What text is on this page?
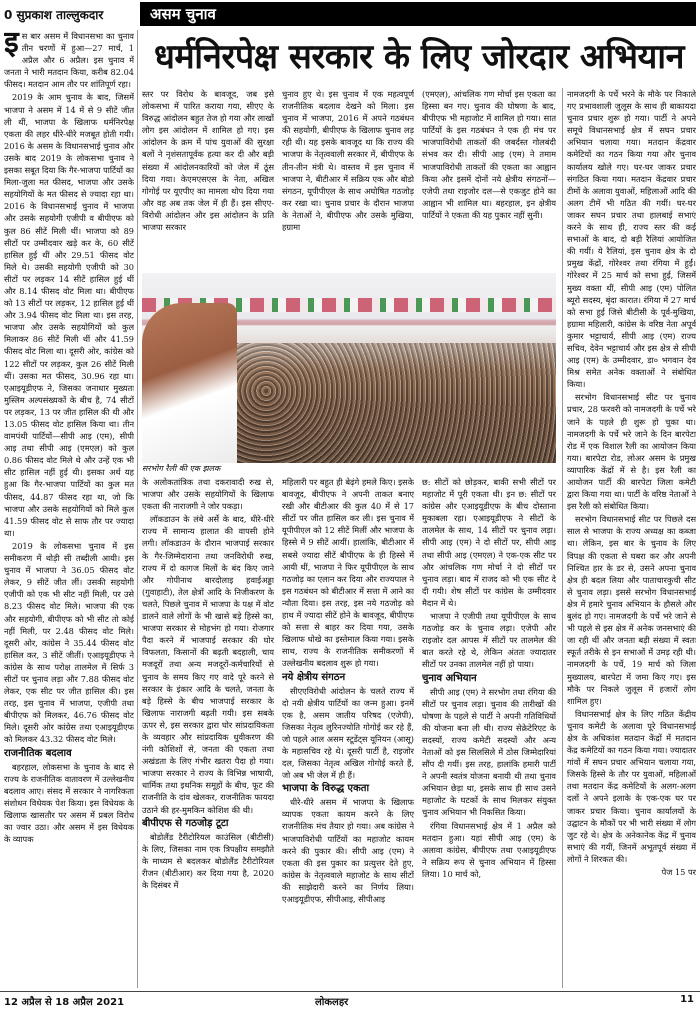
0 सुप्रकाश ताल्लुकदार	असम चुनाव
धर्मनिरपेक्ष सरकार के लिए जोरदार अभियान

इस बार असम में विधानसभा का चुनाव तीन चरणों में हुआ—27 मार्च, 1 अप्रैल और 6 अप्रैल। इस चुनाव में जनता ने भारी मतदान किया, करीब 82.04 फीसद। मतदान आम तौर पर शांतिपूर्ण रहा।

2019 के आम चुनाव के बाद, जिसमें भाजपा ने असम में 14 में से 9 सीटें जीत ली थीं, भाजपा के खिलाफ धर्मनिरपेक्ष एकता की लहर धीरे-धीरे मजबूत होती गयी। 2016 के असम के विधानसभाई चुनाव और उसके बाद 2019 के लोकसभा चुनाव ने इसका सबूत दिया कि गैर-भाजपा पार्टियों का मिला-जुला मत फीसद, भाजपा और उसके सहयोगियों के मत फीसद से ज्यादा रहा था। 2016 के विधानसभाई चुनाव में भाजपा और उसके सहयोगी एजीपी व बीपीएफ को कुल 86 सीटें मिली थीं। भाजपा को 89 सीटों पर उम्मीदवार खड़े कर के, 60 सीटें हासिल हुई थीं और 29.51 फीसद वोट मिले थे। उसकी सहयोगी एजीपी को 30 सीटों पर लड़कर 14 सीटें हासिल हुई थीं और 8.14 फीसद वोट मिला था। बीपीएफ को 13 सीटों पर लड़कर, 12 हासिल हुई थीं और 3.94 फीसद वोट मिला था। इस तरह, भाजपा और उसके सहयोगियों को कुल मिलाकर 86 सीटें मिली थीं और 41.59 फीसद वोट मिला था। दूसरी ओर, कांग्रेस को 122 सीटों पर लड़कर, कुल 26 सीटें मिली थीं। उसका मत फीसद, 30.96 रहा था। एआइयूडीएफ ने, जिसका जनाधार मुख्यतः मुस्लिम अल्पसंख्यकों के बीच है, 74 सीटों पर लड़कर, 13 पर जीत हासिल की थी और 13.05 फीसद वोट हासिल किया था। तीन वामपंथी पार्टियों—सीपी आइ (एम), सीपी आइ तथा सीपी आइ (एमएल) को कुल 0.86 फीसद वोट मिले थे और उन्हें एक भी सीट हासिल नहीं हुई थी। इसका अर्थ यह हुआ कि गैर-भाजपा पार्टियों का कुल मत फीसद, 44.87 फीसद रहा था, जो कि भाजपा और उसके सहयोगियों को मिले कुल 41.59 फीसद वोट से साफ तौर पर ज्यादा था।

2019 के लोकसभा चुनाव में इस समीकरण में थोड़ी सी तब्दीली आयी। इस चुनाव में भाजपा ने 36.05 फीसद वोट लेकर, 9 सीटें जीत लीं। उसकी सहयोगी एजीपी को एक भी सीट नहीं मिली, पर उसे 8.23 फीसद वोट मिले। भाजपा की एक और सहयोगी, बीपीएफ को भी सीट तो कोई नहीं मिली, पर 2.48 फीसद वोट मिले। दूसरी ओर, कांग्रेस ने 35.44 फीसद वोट हासिल कर, 3 सीटें जीतीं। एआइयूडीएफ ने कांग्रेस के साथ परोक्ष तालमेल में सिर्फ 3 सीटों पर चुनाव लड़ा और 7.88 फीसद वोट लेकर, एक सीट पर जीत हासिल की। इस तरह, इस चुनाव में भाजपा, एजीपी तथा बीपीएफ को मिलकर, 46.76 फीसद वोट मिले। दूसरी ओर कांग्रेस तथा एआइयूडीएफ को मिलकर 43.32 फीसद वोट मिले।

राजनीतिक बदलाव

बहरहाल, लोकसभा के चुनाव के बाद से राज्य के राजनीतिक वातावरण में उल्लेखनीय बदलाव आए। संसद में सरकार ने नागरिकता संशोधन विधेयक पेश किया। इस विधेयक के खिलाफ खासतौर पर असम में प्रबल विरोध का ज्वार उठा। और असम में इस विधेयक के व्यापक

स्तर पर विरोध के बावजूद, जब इसे लोकसभा में पारित कराया गया, सीएए के विरुद्ध आंदोलन बहुत तेज हो गया और लाखों लोग इस आंदोलन में शामिल हो गए। इस आंदोलन के क्रम में पांच युवाओं की सुरक्षा बलों ने नृशंसतापूर्वक हत्या कर दी और बड़ी संख्या में आंदोलनकारियों को जेल में ठूंस दिया गया। केएमएसएस के नेता, अखिल गोगोई पर यूएपीए का मामला थोप दिया गया और वह अब तक जेल में ही हैं। इस सीएए-विरोधी आंदोलन और इस आंदोलन के प्रति भाजपा सरकार

चुनाव हुए थे। इस चुनाव में एक महत्वपूर्ण राजनीतिक बदलाव देखने को मिला। इस चुनाव में भाजपा, 2016 में अपने गठबंधन की सहयोगी, बीपीएफ के खिलाफ चुनाव लड़ रही थी। यह इसके बावजूद था कि राज्य की भाजपा के नेतृत्ववाली सरकार में, बीपीएफ के तीन-तीन मंत्री थे। वास्तव में इस चुनाव में भाजपा ने, बीटीआर में सक्रिय एक और बोडो संगठन, यूपीपीएल के साथ अघोषित गठजोड़ कर रखा था। चुनाव प्रचार के दौरान भाजपा के नेताओं ने, बीपीएफ और उसके मुखिया, हग्रामा

(एमएल), आंचलिक गण मोर्चा इस एकता का हिस्सा बन गए। चुनाव की घोषणा के बाद, बीपीएफ भी महाजोट में शामिल हो गया। सात पार्टियों के इस गठबंधन ने एक ही मंच पर भाजपाविरोधी ताकतों की जबर्दस्त गोलबंदी संभव कर दी। सीपी आइ (एम) ने तमाम भाजपाविरोधी ताकतों की एकता का आह्वान किया और इसमें दोनों नये क्षेत्रीय संगठनों—एजेपी तथा राइजोर दल—से एकजुट होने का आह्वान भी शामिल था। बहरहाल, इन क्षेत्रीय पार्टियों ने एकता की यह पुकार नहीं सुनी।

सरभोग रैली की एक झलक

के अलोकतांत्रिक तथा दकरावादी रुख से, भाजपा और उसके सहयोगियों के खिलाफ एकता की नाराजगी ने जोर पकड़ा।

लॉकडाउन के लंबे अर्से के बाद, धीरे-धीरे राज्य में सामान्य हालात की वापसी होने लगी। लॉकडाउन के दौरान भाजपाई सरकार के गैर-जिम्मेदाराना तथा जनविरोधी रुख, राज्य में दो कागज मिलों के बंद किए जाने और गोपीनाथ बारदोलाइ हवाईअड्डा (गुवाहाटी), तेल क्षेत्रों आदि के निजीकरण के चलते, पिछले चुनाव में भाजपा के पक्ष में वोट डालने वाले लोगों के भी खासे बड़े हिस्से का, भाजपा सरकार से मोहभंग हो गया। रोजगार पैदा करने में भाजपाई सरकार की घोर विफलता, किसानों की बढ़ती बदहाली, चाय मजदूरों तथा अन्य मजदूरों-कर्मचारियों से चुनाव के समय किए गए वादे पूरे करने से सरकार के इंकार आदि के चलते, जनता के बड़े हिस्से के बीच भाजपाई सरकार के खिलाफ नाराजगी बढ़ती गयी। इस सबके ऊपर से, इस सरकार द्वारा घोर सांप्रदायिकता के व्यवहार और सांप्रदायिक धुवीकरण की नंगी कोशिशों से, जनता की एकता तथा अखंडता के लिए गंभीर खतरा पैदा हो गया। भाजपा सरकार ने राज्य के विभिन्न भाषायी, धार्मिक तथा इथनिक समूहों के बीच, फूट की राजनीति के दांव खेलकर, राजनीतिक फायदा उठाने की हर-मुमकिन कोशिश की थी।

बीपीएफ से गठजोड़ टूटा

बोडोलैंड टैरीटोरियल काउंसिल (बीटीसी) के लिए, जिसका नाम एक त्रिपक्षीय समझौते के माध्यम से बदलकर बोडोलैंड टैरीटोरियल रीजन (बीटीआर) कर दिया गया है, 2020 के दिसंबर में

महिलारी पर बहुत ही बेढ़ंगे हमले किए। इसके बावजूद, बीपीएफ ने अपनी ताकत बनाए रखी और बीटीआर की कुल 40 में से 17 सीटों पर जीत हासिल कर ली। इस चुनाव में यूपीपीएल को 12 सीटें मिलीं और भाजपा के हिस्से में 9 सीटें आयीं। हालांकि, बीटीआर में सबसे ज्यादा सीटें बीपीएफ के ही हिस्से में आयी थीं, भाजपा ने फिर यूपीपीएल के साथ गठजोड़ का एलान कर दिया और राज्यपाल ने इस गठबंधन को बीटीआर में सत्ता में आने का न्यौता दिया। इस तरह, इस नये गठजोड़ को हाथ में ज्यादा सीटें होने के बावजूद, बीपीएफ को सत्ता से बाहर कर दिया गया, उसके खिलाफ धोखे का इस्तेमाल किया गया। इसके साथ, राज्य के राजनीतिक समीकरणों में उल्लेखनीय बदलाव शुरू हो गया।

नये क्षेत्रीय संगठन

सीएएविरोधी आंदोलन के चलते राज्य में दो नयी क्षेत्रीय पार्टियों का जन्म हुआ। इनमें एक है, असम जातीय परिषद (एजेपी), जिसका नेतृत्व लुरिनज्योति गोगोई कर रहे हैं, जो पहले आल असम स्टूडेंट्स यूनियन (आसू) के महासचिव रहे थे। दूसरी पार्टी है, राइजोर दल, जिसका नेतृत्व अखिल गोगोई करते हैं, जो अब भी जेल में ही हैं।

भाजपा के विरुद्ध एकता

धीरे-धीरे असम में भाजपा के खिलाफ व्यापक एकता कायम करने के लिए राजनीतिक मंच तैयार हो गया। अब कांग्रेस ने भाजपाविरोधी पार्टियों का महाजोट कायम करने की पुकार की। सीपी आइ (एम) ने एकता की इस पुकार का प्रत्युत्तर देते हुए, कांग्रेस के नेतृत्ववाले महाजोट के साथ सीटों की साझेदारी करने का निर्णय लिया। एआइयूडीएफ, सीपीआइ, सीपीआइ

छ: सीटों को छोड़कर, बाकी सभी सीटों पर महाजोट में पूरी एकता थी। इन छ: सीटों पर कांग्रेस और एआइयूडीएफ के बीच दोस्ताना मुकाबला रहा। एआइयूडीएफ ने सीटों के तालमेल के साथ, 14 सीटों पर चुनाव लड़ा। सीपी आइ (एम) ने दो सीटों पर, सीपी आइ तथा सीपी आइ (एमएल) ने एक-एक सीट पर और आंचलिक गण मोर्चा ने दो सीटों पर चुनाव लड़ा। बाद में राजद को भी एक सीट दे दी गयी। शेष सीटों पर कांग्रेस के उम्मीदवार मैदान में थे।

भाजपा ने एजीपी तथा यूपीपीएल के साथ गठजोड़ कर के चुनाव लड़ा। एजेपी और राइजोर दल आपस में सीटों पर तालमेल की बात करते रहे थे, लेकिन अंततः ज्यादातर सीटों पर उनका तालमेल नहीं हो पाया।

चुनाव अभियान

सीपी आइ (एम) ने सरभोग तथा रंगिया की सीटों पर चुनाव लड़ा। चुनाव की तारीखों की घोषणा के पहले से पार्टी ने अपनी गतिविधियों की योजना बना ली थी। राज्य सेक्रेटेरिएट के सदस्यों, राज्य कमेटी सदस्यों और अन्य नेताओं को इस सिलसिले में ठोस जिम्मेदारियां सौंप दी गयीं। इस तरह, हालांकि हमारी पार्टी ने अपनी स्वतंत्र योजना बनायी थी तथा चुनाव अभियान छेड़ा था, इसके साथ ही साथ उसने महाजोट के घटकों के साथ मिलकर संयुक्त चुनाव अभियान भी निकसित किया।

रंगिया विधानसभाई क्षेत्र में 1 अप्रैल को मतदान हुआ। यहां सीपी आइ (एम) के अलावा कांग्रेस, बीपीएफ तथा एआइयूडीएफ ने सक्रिय रूप से चुनाव अभियान में हिस्सा लिया। 10 मार्च को,

नामजदगी के पर्चे भरने के मौके पर निकाले गए प्रभावशाली जुलूस के साथ ही बाकायदा चुनाव प्रचार शुरू हो गया। पार्टी ने अपने समूचे विधानसभाई क्षेत्र में सघन प्रचार अभियान चलाया गया। मतदान केंद्रवार कमेटियों का गठन किया गया और चुनाव कार्यालय खोले गए। घर-घर जाकर प्रचार संगठित किया गया। मतदान केंद्रवार प्रचार टीमों के अलावा युवाओं, महिलाओं आदि की अलग टीमें भी गठित की गयीं। घर-घर जाकर सघन प्रचार तथा हालबाई सभाएं करने के साथ ही, राज्य स्तर की कई सभाओं के बाद, दो बड़ी रैलियां आयोजित की गयीं। ये रैलियां, इस चुनाव क्षेत्र के दो प्रमुख केंद्रों, गोरेश्वर तथा रंगिया में हुईं। गोरेश्वर में 25 मार्च को सभा हुई, जिसमें मुख्य वक्ता थीं, सीपी आइ (एम) पोलित ब्यूरो सदस्य, बृंदा कारात। रंगिया में 27 मार्च को सभा हुई जिसे बीटीसी के पूर्व-मुखिया, हग्रामा महिलारी, कांग्रेस के वरिष्ठ नेता अपूर्व कुमार भट्टाचार्य, सीपी आइ (एम) राज्य सचिव, देवेन भट्टाचार्य और इस क्षेत्र से सीपी आइ (एम) के उम्मीदवार, डा० भगवान देव मिश्र समेत अनेक वक्ताओं ने संबोधित किया।

सरभोग विधानसभाई सीट पर चुनाव प्रचार, 28 फरवरी को नामजदगी के पर्चे भरे जाने के पहले ही शुरू हो चुका था। नामजदगी के पर्चे भरे जाने के दिन बारपेटा रोड में एक विशाल रैली का आयोजन किया गया। बारपेटा रोड, लोअर असम के प्रमुख व्यापारिक केंद्रों में से है। इस रैली का आयोजन पार्टी की बारपेटा जिला कमेटी द्वारा किया गया था। पार्टी के वरिष्ठ नेताओं ने इस रैली को संबोधित किया।

सरभोग विधानसभाई सीट पर पिछले दस साल से भाजपा के राज्य अध्यक्ष का कब्जा था। लेकिन, इस बार के चुनाव के लिए विपक्ष की एकता से घबरा कर और अपनी निश्चित हार के डर से, उसने अपना चुनाव क्षेत्र ही बदल लिया और पाताचारकुची सीट से चुनाव लड़ा। इससे सरभोग विधानसभाई क्षेत्र में हमारे चुनाव अभियान के हौसले और बुलंद हो गए। नामजदगी के पर्चे भरे जाने से भी पहले से इस क्षेत्र में अनेक जनसभाएं की जा रही थीं और जनता बड़ी संख्या में स्वतः स्फूर्त तरीके से इन सभाओं में उमड़ रही थी। नामजदगी के पर्चे, 19 मार्च को जिला मुख्यालय, बारपेटा में जमा किए गए। इस मौके पर निकले जुलूस में हजारों लोग शामिल हुए।

विधानसभाई क्षेत्र के लिए गठित केंद्रीय चुनाव कमेटी के अलावा पूरे विधानसभाई क्षेत्र के अधिकांश मतदान केंद्रों में मतदान केंद्र कमेटियों का गठन किया गया। ज्यादातर गांवों में सघन प्रचार अभियान चलाया गया, जिसके हिस्से के तौर पर युवाओं, महिलाओं तथा मतदान केंद्र कमेटियों के अलग-अलग दलों ने अपने इलाके के एक-एक घर पर जाकर प्रचार किया। चुनाव कार्यालयों के उद्घाटन के मौकों पर भी भारी संख्या में लोग जुट रहे थे। क्षेत्र के अनेकानेक केंद्र में चुनाव सभाएं की गयीं, जिनमें अभूतपूर्व संख्या में लोगों ने शिरकत की।

पेज 15 पर

12 अप्रैल से 18 अप्रैल 2021	लोकलहर	11
